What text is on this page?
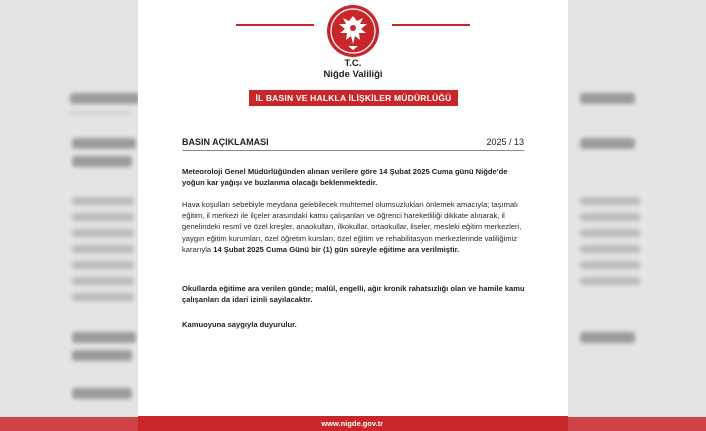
T.C.
Niğde Valiliği
İL BASIN VE HALKLA İLİŞKİLER MÜDÜRLÜĞÜ
BASIN AÇIKLAMASI	2025 / 13

Meteoroloji Genel Müdürlüğünden alınan verilere göre 14 Şubat 2025 Cuma günü Niğde'de yoğun kar yağışı ve buzlanma olacağı beklenmektedir.

Hava koşulları sebebiyle meydana gelebilecek muhtemel olumsuzlukları önlemek amacıyla; taşımalı eğitim, il merkezi ile ilçeler arasındaki kamu çalışanları ve öğrenci hareketliliği dikkate alınarak, il genelindeki resmî ve özel kreşler, anaokulları, ilkokullar, ortaokullar, liseler, mesleki eğitim merkezleri, yaygın eğitim kurumları, özel öğretim kursları, özel eğitim ve rehabilitasyon merkezlerinde valiliğimiz kararıyla 14 Şubat 2025 Cuma Günü bir (1) gün süreyle eğitime ara verilmiştir.

Okullarda eğitime ara verilen günde; malûl, engelli, ağır kronik rahatsızlığı olan ve hamile kamu çalışanları da idari izinli sayılacaktır.

Kamuoyuna saygıyla duyurulur.

www.nigde.gov.tr
